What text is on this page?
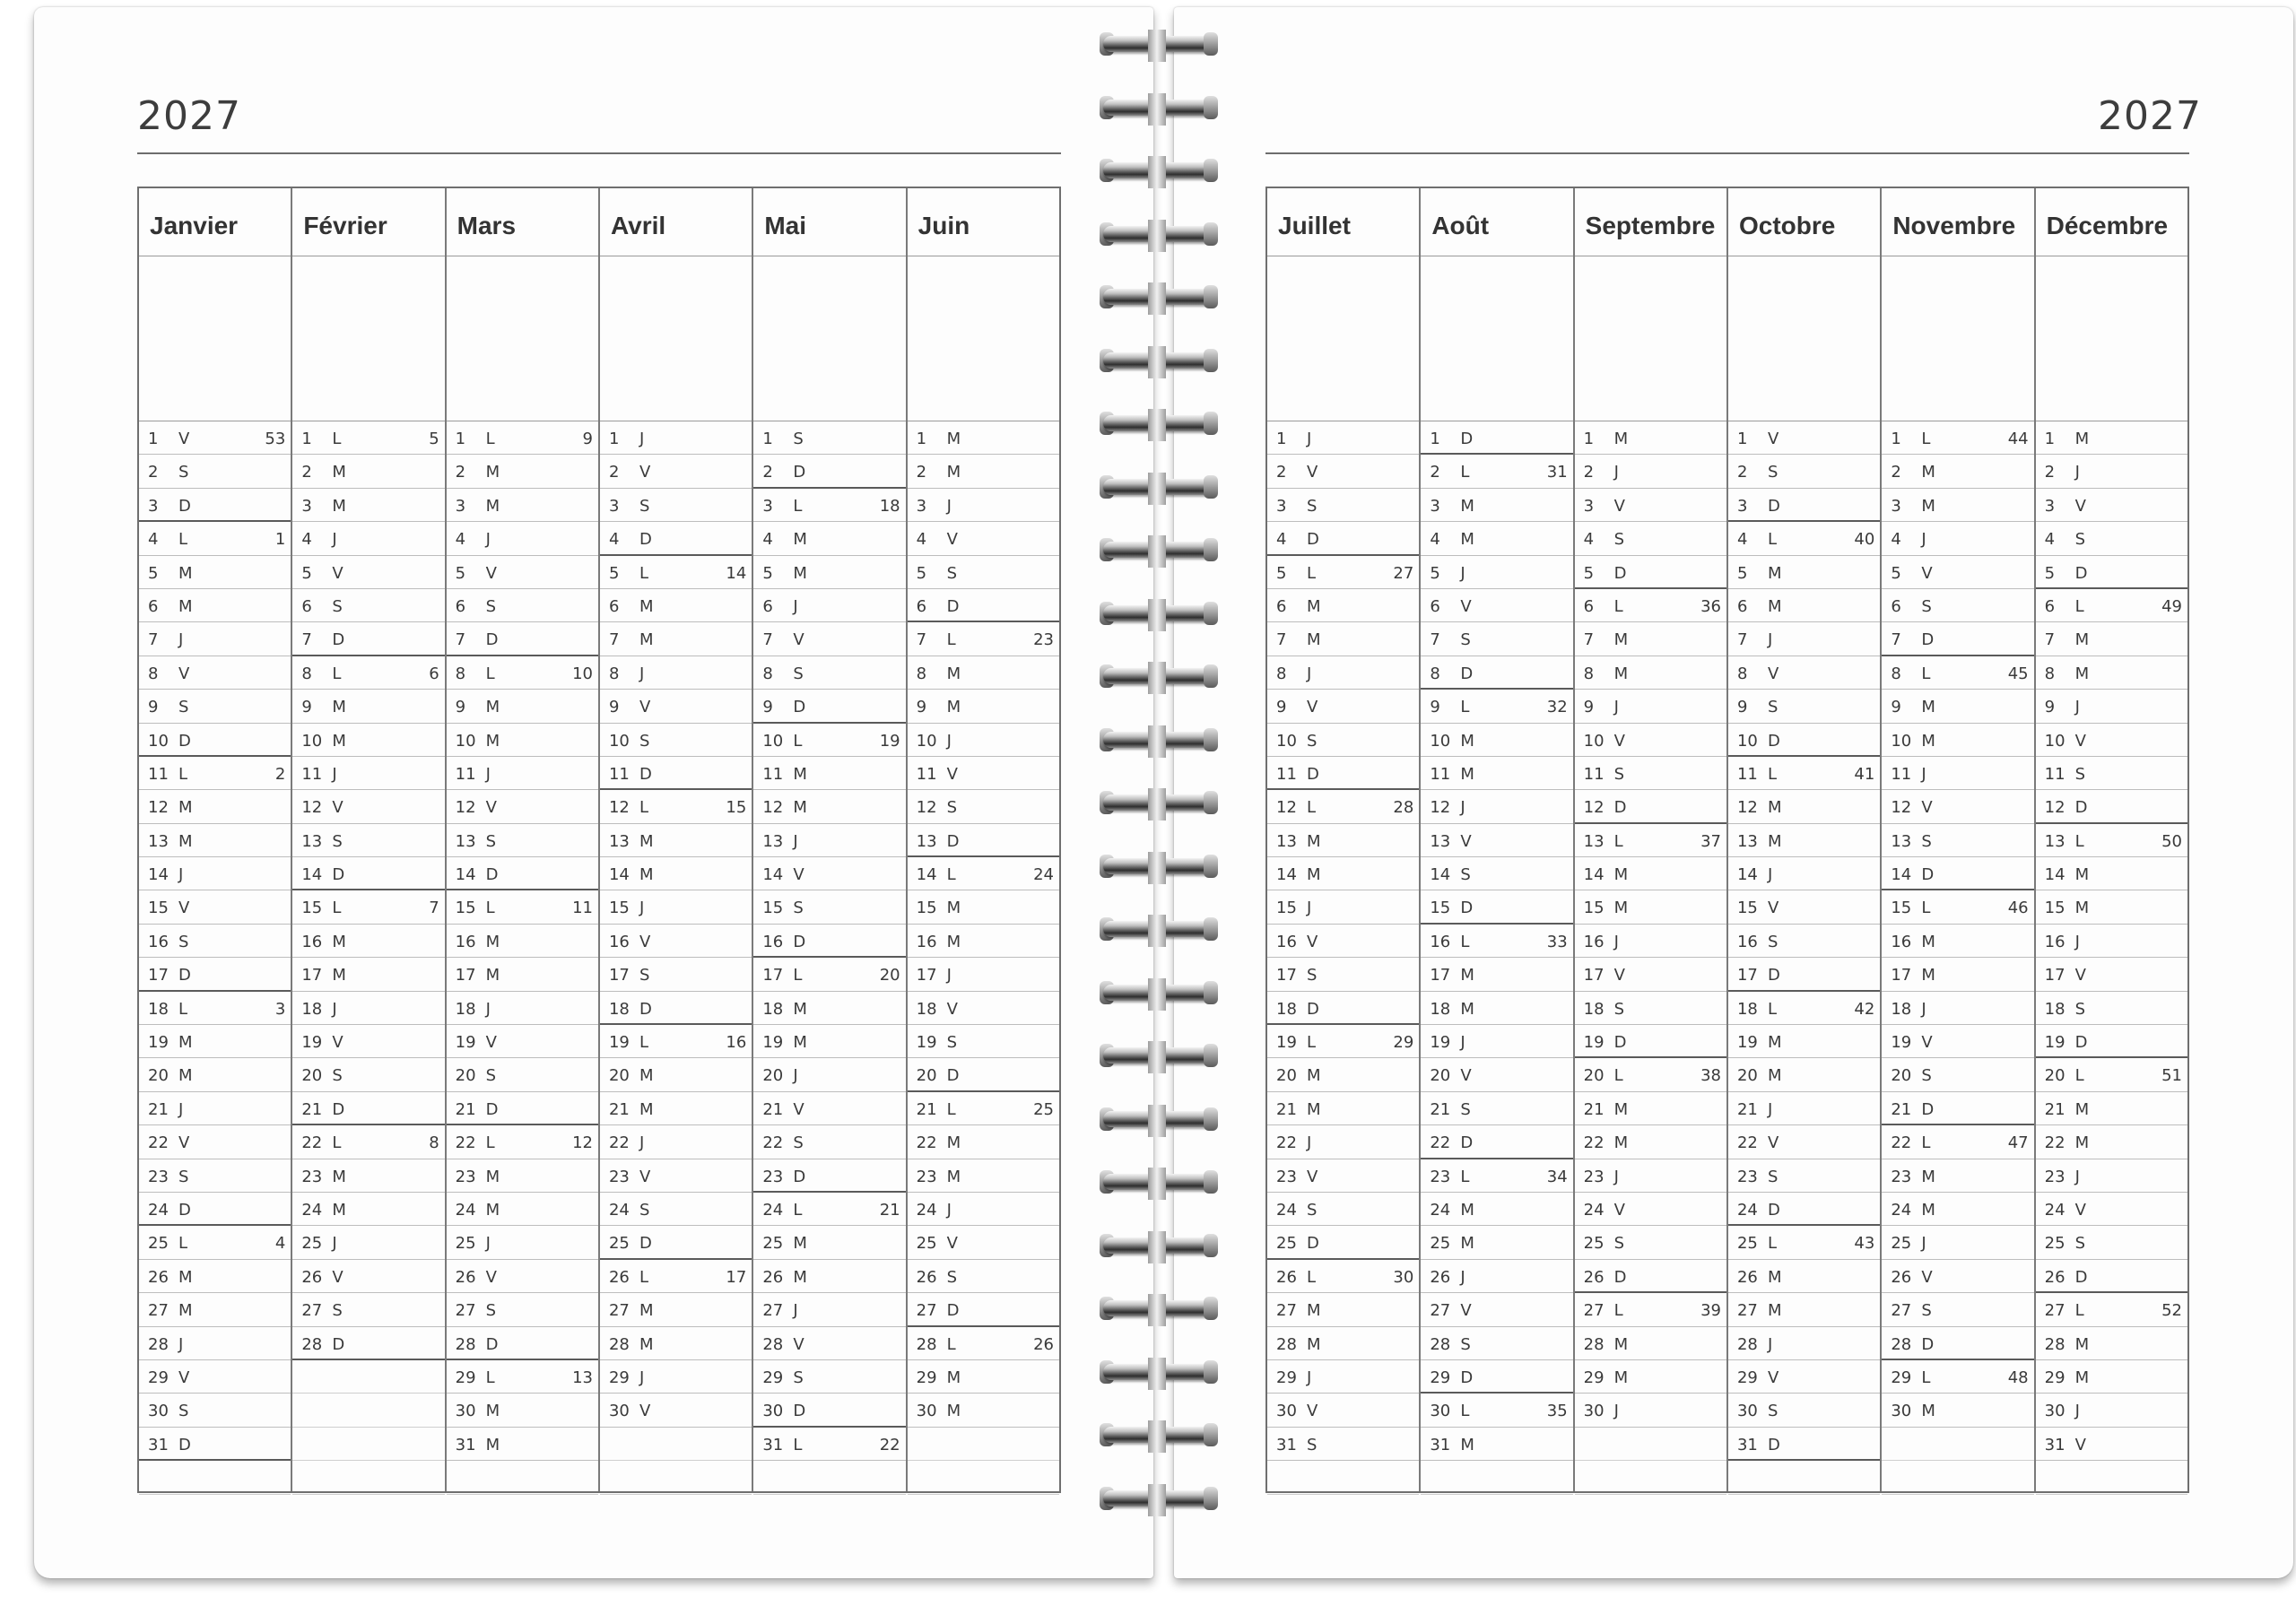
2027
Janvier
1 V	53
2 S
3 D
4 L	1
5 M
6 M
7 J
8 V
9 S
10 D
11 L	2
12 M
13 M
14 J
15 V
16 S
17 D
18 L	3
19 M
20 M
21 J
22 V
23 S
24 D
25 L	4
26 M
27 M
28 J
29 V
30 S
31 D
Février
1 L	5
2 M
3 M
4 J
5 V
6 S
7 D
8 L	6
9 M
10 M
11 J
12 V
13 S
14 D
15 L	7
16 M
17 M
18 J
19 V
20 S
21 D
22 L	8
23 M
24 M
25 J
26 V
27 S
28 D
Mars
1 L	9
2 M
3 M
4 J
5 V
6 S
7 D
8 L	10
9 M
10 M
11 J
12 V
13 S
14 D
15 L	11
16 M
17 M
18 J
19 V
20 S
21 D
22 L	12
23 M
24 M
25 J
26 V
27 S
28 D
29 L	13
30 M
31 M
Avril
1 J
2 V
3 S
4 D
5 L	14
6 M
7 M
8 J
9 V
10 S
11 D
12 L	15
13 M
14 M
15 J
16 V
17 S
18 D
19 L	16
20 M
21 M
22 J
23 V
24 S
25 D
26 L	17
27 M
28 M
29 J
30 V
Mai
1 S
2 D
3 L	18
4 M
5 M
6 J
7 V
8 S
9 D
10 L	19
11 M
12 M
13 J
14 V
15 S
16 D
17 L	20
18 M
19 M
20 J
21 V
22 S
23 D
24 L	21
25 M
26 M
27 J
28 V
29 S
30 D
31 L	22
Juin
1 M
2 M
3 J
4 V
5 S
6 D
7 L	23
8 M
9 M
10 J
11 V
12 S
13 D
14 L	24
15 M
16 M
17 J
18 V
19 S
20 D
21 L	25
22 M
23 M
24 J
25 V
26 S
27 D
28 L	26
29 M
30 M
2027
Juillet
1 J
2 V
3 S
4 D
5 L	27
6 M
7 M
8 J
9 V
10 S
11 D
12 L	28
13 M
14 M
15 J
16 V
17 S
18 D
19 L	29
20 M
21 M
22 J
23 V
24 S
25 D
26 L	30
27 M
28 M
29 J
30 V
31 S
Août
1 D
2 L	31
3 M
4 M
5 J
6 V
7 S
8 D
9 L	32
10 M
11 M
12 J
13 V
14 S
15 D
16 L	33
17 M
18 M
19 J
20 V
21 S
22 D
23 L	34
24 M
25 M
26 J
27 V
28 S
29 D
30 L	35
31 M
Septembre
1 M
2 J
3 V
4 S
5 D
6 L	36
7 M
8 M
9 J
10 V
11 S
12 D
13 L	37
14 M
15 M
16 J
17 V
18 S
19 D
20 L	38
21 M
22 M
23 J
24 V
25 S
26 D
27 L	39
28 M
29 M
30 J
Octobre
1 V
2 S
3 D
4 L	40
5 M
6 M
7 J
8 V
9 S
10 D
11 L	41
12 M
13 M
14 J
15 V
16 S
17 D
18 L	42
19 M
20 M
21 J
22 V
23 S
24 D
25 L	43
26 M
27 M
28 J
29 V
30 S
31 D
Novembre
1 L	44
2 M
3 M
4 J
5 V
6 S
7 D
8 L	45
9 M
10 M
11 J
12 V
13 S
14 D
15 L	46
16 M
17 M
18 J
19 V
20 S
21 D
22 L	47
23 M
24 M
25 J
26 V
27 S
28 D
29 L	48
30 M
Décembre
1 M
2 J
3 V
4 S
5 D
6 L	49
7 M
8 M
9 J
10 V
11 S
12 D
13 L	50
14 M
15 M
16 J
17 V
18 S
19 D
20 L	51
21 M
22 M
23 J
24 V
25 S
26 D
27 L	52
28 M
29 M
30 J
31 V
